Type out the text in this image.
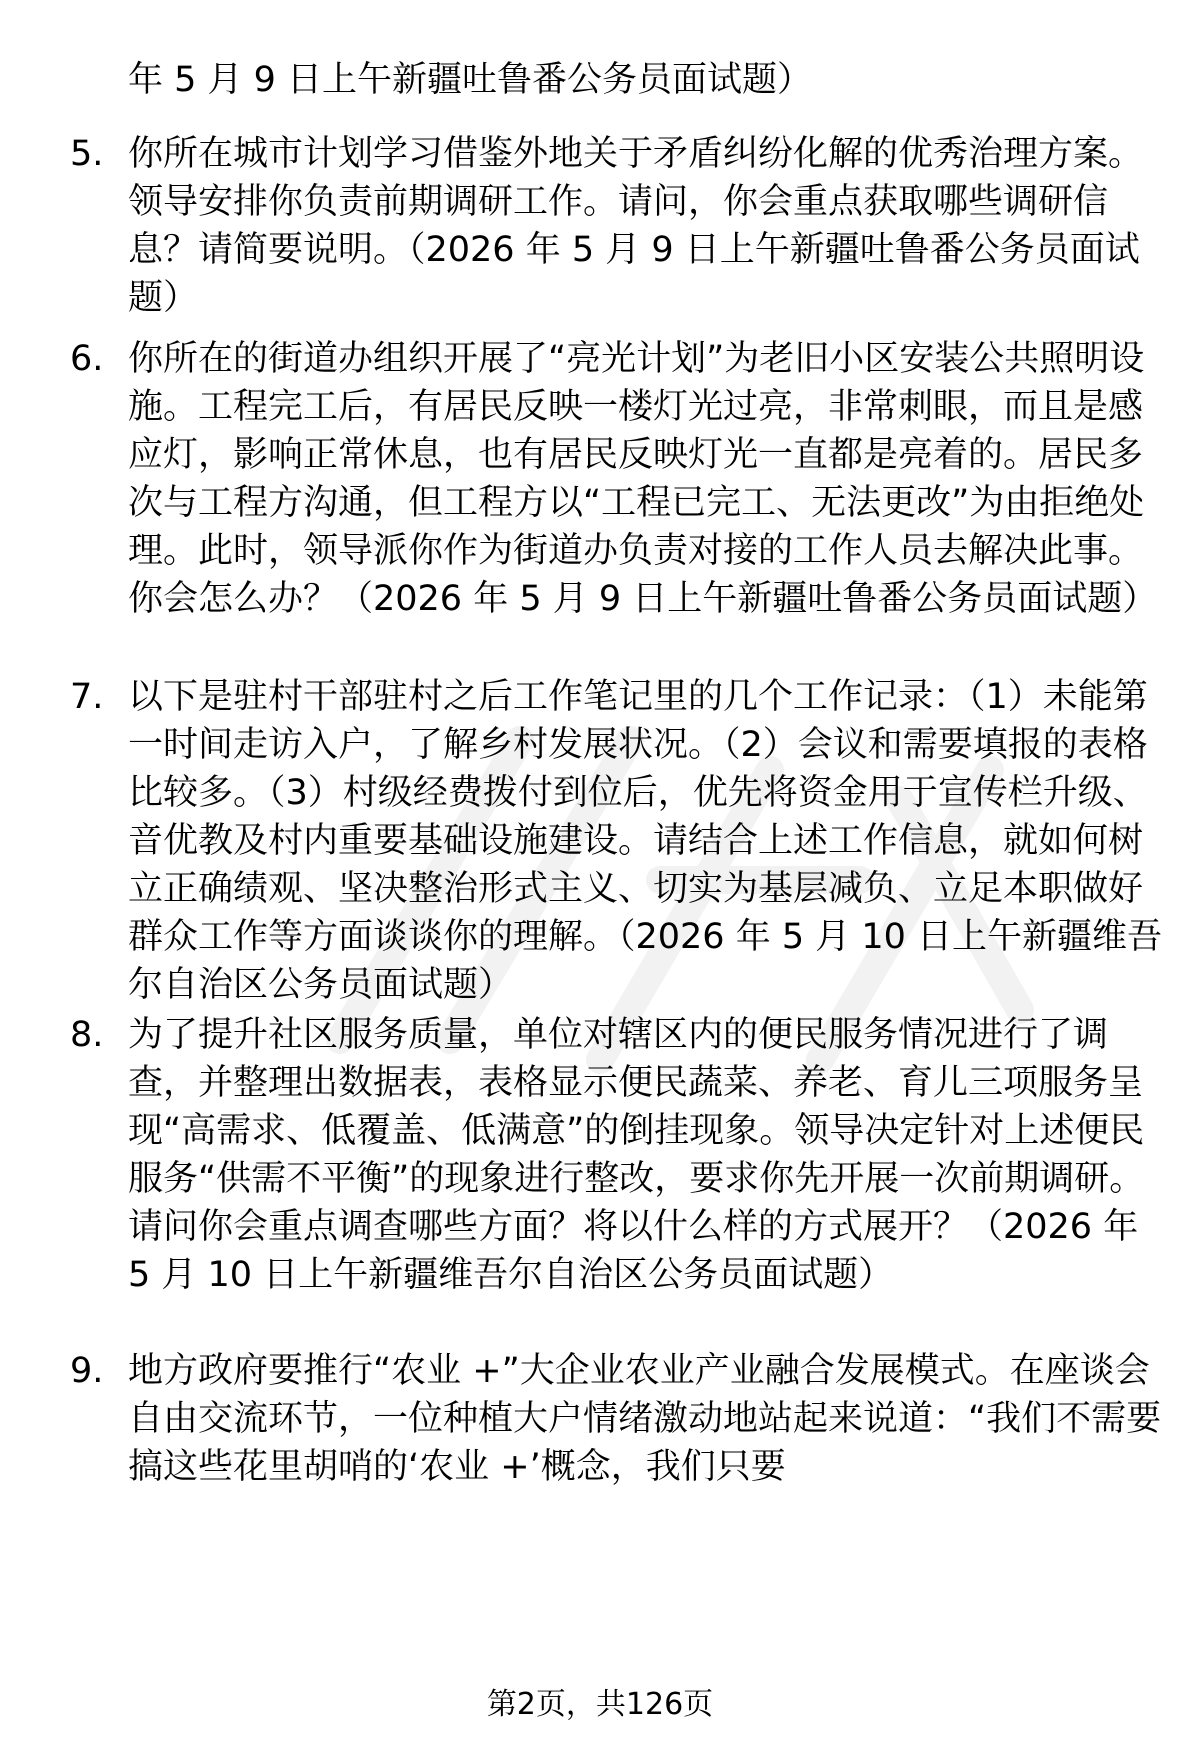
年 5 月 9 日上午新疆吐鲁番公务员面试题）

5. 你所在城市计划学习借鉴外地关于矛盾纠纷化解的优秀治理方案。领导安排你负责前期调研工作。请问，你会重点获取哪些调研信息？请简要说明。（2026 年 5 月 9 日上午新疆吐鲁番公务员面试题）

6. 你所在的街道办组织开展了“亮光计划”为老旧小区安装公共照明设施。工程完工后，有居民反映一楼灯光过亮，非常刺眼，而且是感应灯，影响正常休息，也有居民反映灯光一直都是亮着的。居民多次与工程方沟通，但工程方以“工程已完工、无法更改”为由拒绝处理。此时，领导派你作为街道办负责对接的工作人员去解决此事。你会怎么办？（2026 年 5 月 9 日上午新疆吐鲁番公务员面试题）

7. 以下是驻村干部驻村之后工作笔记里的几个工作记录：（1）未能第一时间走访入户，了解乡村发展状况。（2）会议和需要填报的表格比较多。（3）村级经费拨付到位后，优先将资金用于宣传栏升级、音优教及村内重要基础设施建设。请结合上述工作信息，就如何树立正确绩观、坚决整治形式主义、切实为基层减负、立足本职做好群众工作等方面谈谈你的理解。（2026 年 5 月 10 日上午新疆维吾尔自治区公务员面试题）

8. 为了提升社区服务质量，单位对辖区内的便民服务情况进行了调查，并整理出数据表，表格显示便民蔬菜、养老、育儿三项服务呈现“高需求、低覆盖、低满意”的倒挂现象。领导决定针对上述便民服务“供需不平衡”的现象进行整改，要求你先开展一次前期调研。请问你会重点调查哪些方面？将以什么样的方式展开？（2026 年 5 月 10 日上午新疆维吾尔自治区公务员面试题）

9. 地方政府要推行“农业 +”大企业农业产业融合发展模式。在座谈会自由交流环节，一位种植大户情绪激动地站起来说道：“我们不需要搞这些花里胡哨的‘农业 +’概念，我们只要

第2页，共126页
